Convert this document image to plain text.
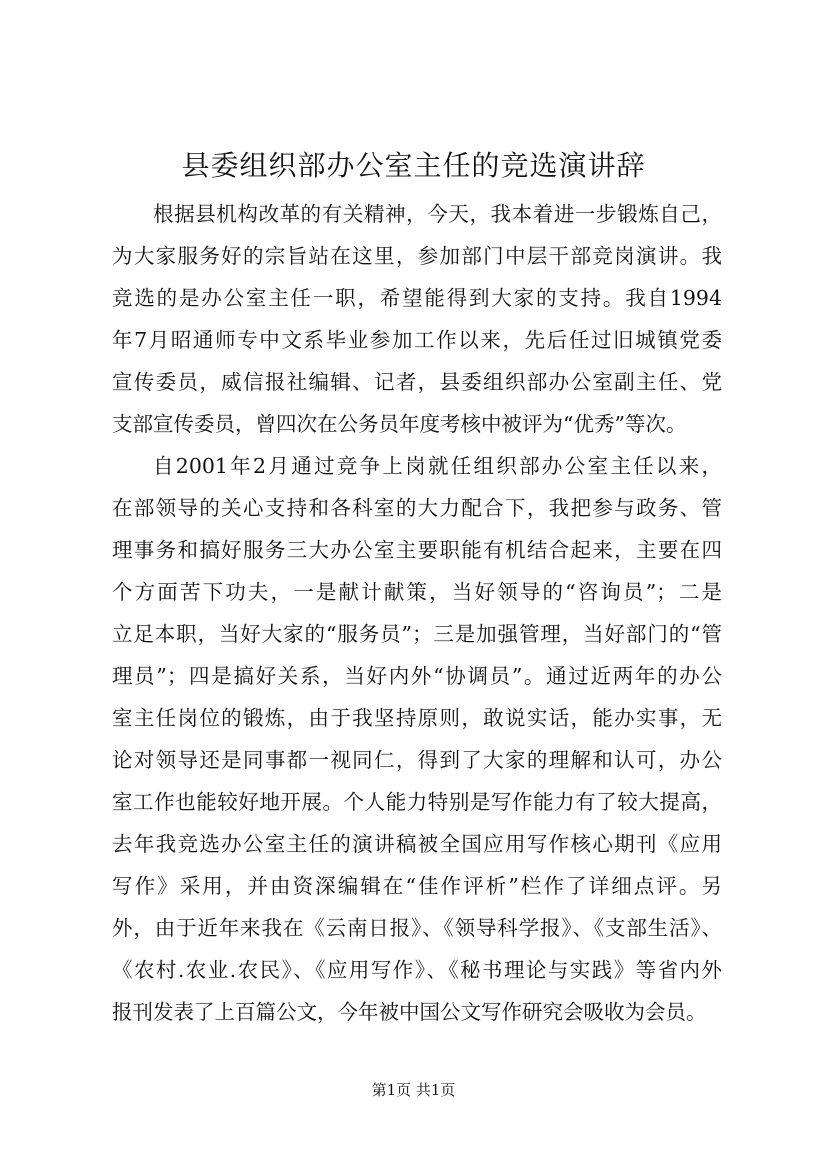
县委组织部办公室主任的竞选演讲辞
根据县机构改革的有关精神，今天，我本着进一步锻炼自己，
为大家服务好的宗旨站在这里，参加部门中层干部竞岗演讲。我
竞选的是办公室主任一职，希望能得到大家的支持。我自1994
年7月昭通师专中文系毕业参加工作以来，先后任过旧城镇党委
宣传委员，威信报社编辑、记者，县委组织部办公室副主任、党
支部宣传委员，曾四次在公务员年度考核中被评为“优秀”等次。
自2001年2月通过竞争上岗就任组织部办公室主任以来，
在部领导的关心支持和各科室的大力配合下，我把参与政务、管
理事务和搞好服务三大办公室主要职能有机结合起来，主要在四
个方面苦下功夫，一是献计献策，当好领导的“咨询员”；二是
立足本职，当好大家的“服务员”；三是加强管理，当好部门的“管
理员”；四是搞好关系，当好内外“协调员”。通过近两年的办公
室主任岗位的锻炼，由于我坚持原则，敢说实话，能办实事，无
论对领导还是同事都一视同仁，得到了大家的理解和认可，办公
室工作也能较好地开展。个人能力特别是写作能力有了较大提高，
去年我竞选办公室主任的演讲稿被全国应用写作核心期刊《应用
写作》采用，并由资深编辑在“佳作评析”栏作了详细点评。另
外，由于近年来我在《云南日报》、《领导科学报》、《支部生活》、
《农村.农业.农民》、《应用写作》、《秘书理论与实践》等省内外
报刊发表了上百篇公文，今年被中国公文写作研究会吸收为会员。
第1页 共1页
